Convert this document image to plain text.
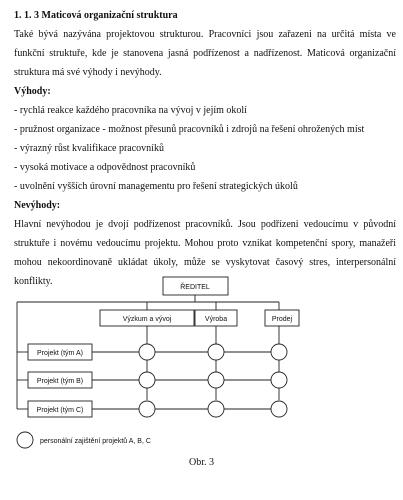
1. 1. 3 Maticová organizační struktura
Také bývá nazývána projektovou strukturou. Pracovníci jsou zařazeni na určitá místa ve funkční struktuře, kde je stanovena jasná podřízenost a nadřízenost. Maticová organizační struktura má své výhody i nevýhody.
Výhody:
- rychlá reakce každého pracovníka na vývoj v jejím okolí
- pružnost organizace - možnost přesunů pracovníků i zdrojů na řešení ohrožených míst
- výrazný růst kvalifikace pracovníků
- vysoká motivace a odpovědnost pracovníků
- uvolnění vyšších úrovní managementu pro řešení strategických úkolů
Nevýhody:
Hlavní nevýhodou je dvojí podřízenost pracovníků. Jsou podřízeni vedoucímu v původní struktuře i novému vedoucímu projektu. Mohou proto vznikat kompetenční spory, manažeři mohou nekoordinovaně ukládat úkoly, může se vyskytovat časový stres, interpersonální konflikty.
ŘEDITEL
Výzkum a vývoj	Výroba	Prodej
Projekt (tým A)
Projekt (tým B)
Projekt (tým C)
personální zajištění projektů A, B, C
Obr. 3
